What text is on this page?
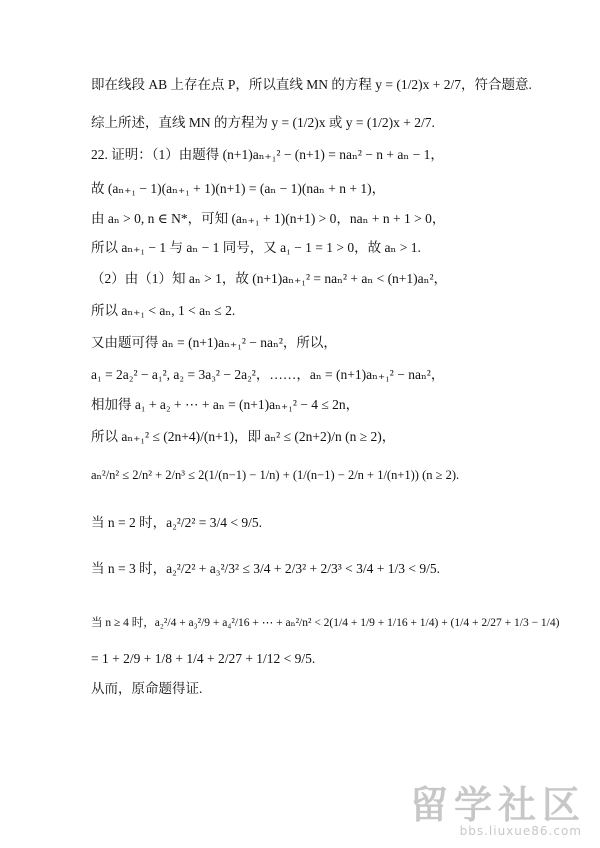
即在线段 AB 上存在点 P，所以直线 MN 的方程 y = (1/2)x + 2/7，符合题意.
综上所述，直线 MN 的方程为 y = (1/2)x 或 y = (1/2)x + 2/7.
22. 证明：（1）由题得 (n+1)aₙ₊₁² − (n+1) = naₙ² − n + aₙ − 1，
故 (aₙ₊₁ − 1)(aₙ₊₁ + 1)(n+1) = (aₙ − 1)(naₙ + n + 1)，
由 aₙ > 0, n ∈ N*，可知 (aₙ₊₁ + 1)(n+1) > 0，naₙ + n + 1 > 0，
所以 aₙ₊₁ − 1 与 aₙ − 1 同号，又 a₁ − 1 = 1 > 0，故 aₙ > 1.
（2）由（1）知 aₙ > 1，故 (n+1)aₙ₊₁² = naₙ² + aₙ < (n+1)aₙ²，
所以 aₙ₊₁ < aₙ, 1 < aₙ ≤ 2.
又由题可得 aₙ = (n+1)aₙ₊₁² − naₙ²，所以，
a₁ = 2a₂² − a₁², a₂ = 3a₃² − 2a₂²，……，aₙ = (n+1)aₙ₊₁² − naₙ²，
相加得 a₁ + a₂ + ⋯ + aₙ = (n+1)aₙ₊₁² − 4 ≤ 2n，
所以 aₙ₊₁² ≤ (2n+4)/(n+1)，即 aₙ² ≤ (2n+2)/n (n ≥ 2)，
aₙ²/n² ≤ 2/n² + 2/n³ ≤ 2(1/(n−1) − 1/n) + (1/(n−1) − 2/n + 1/(n+1)) (n ≥ 2).
当 n = 2 时，a₂²/2² = 3/4 < 9/5.
当 n = 3 时，a₂²/2² + a₃²/3² ≤ 3/4 + 2/3² + 2/3³ < 3/4 + 1/3 < 9/5.
当 n ≥ 4 时，a₂²/4 + a₃²/9 + a₄²/16 + ⋯ + aₙ²/n² < 2(1/4 + 1/9 + 1/16 + 1/4) + (1/4 + 2/27 + 1/3 − 1/4)
= 1 + 2/9 + 1/8 + 1/4 + 2/27 + 1/12 < 9/5.
从而，原命题得证.
留学社区
bbs.liuxue86.com
